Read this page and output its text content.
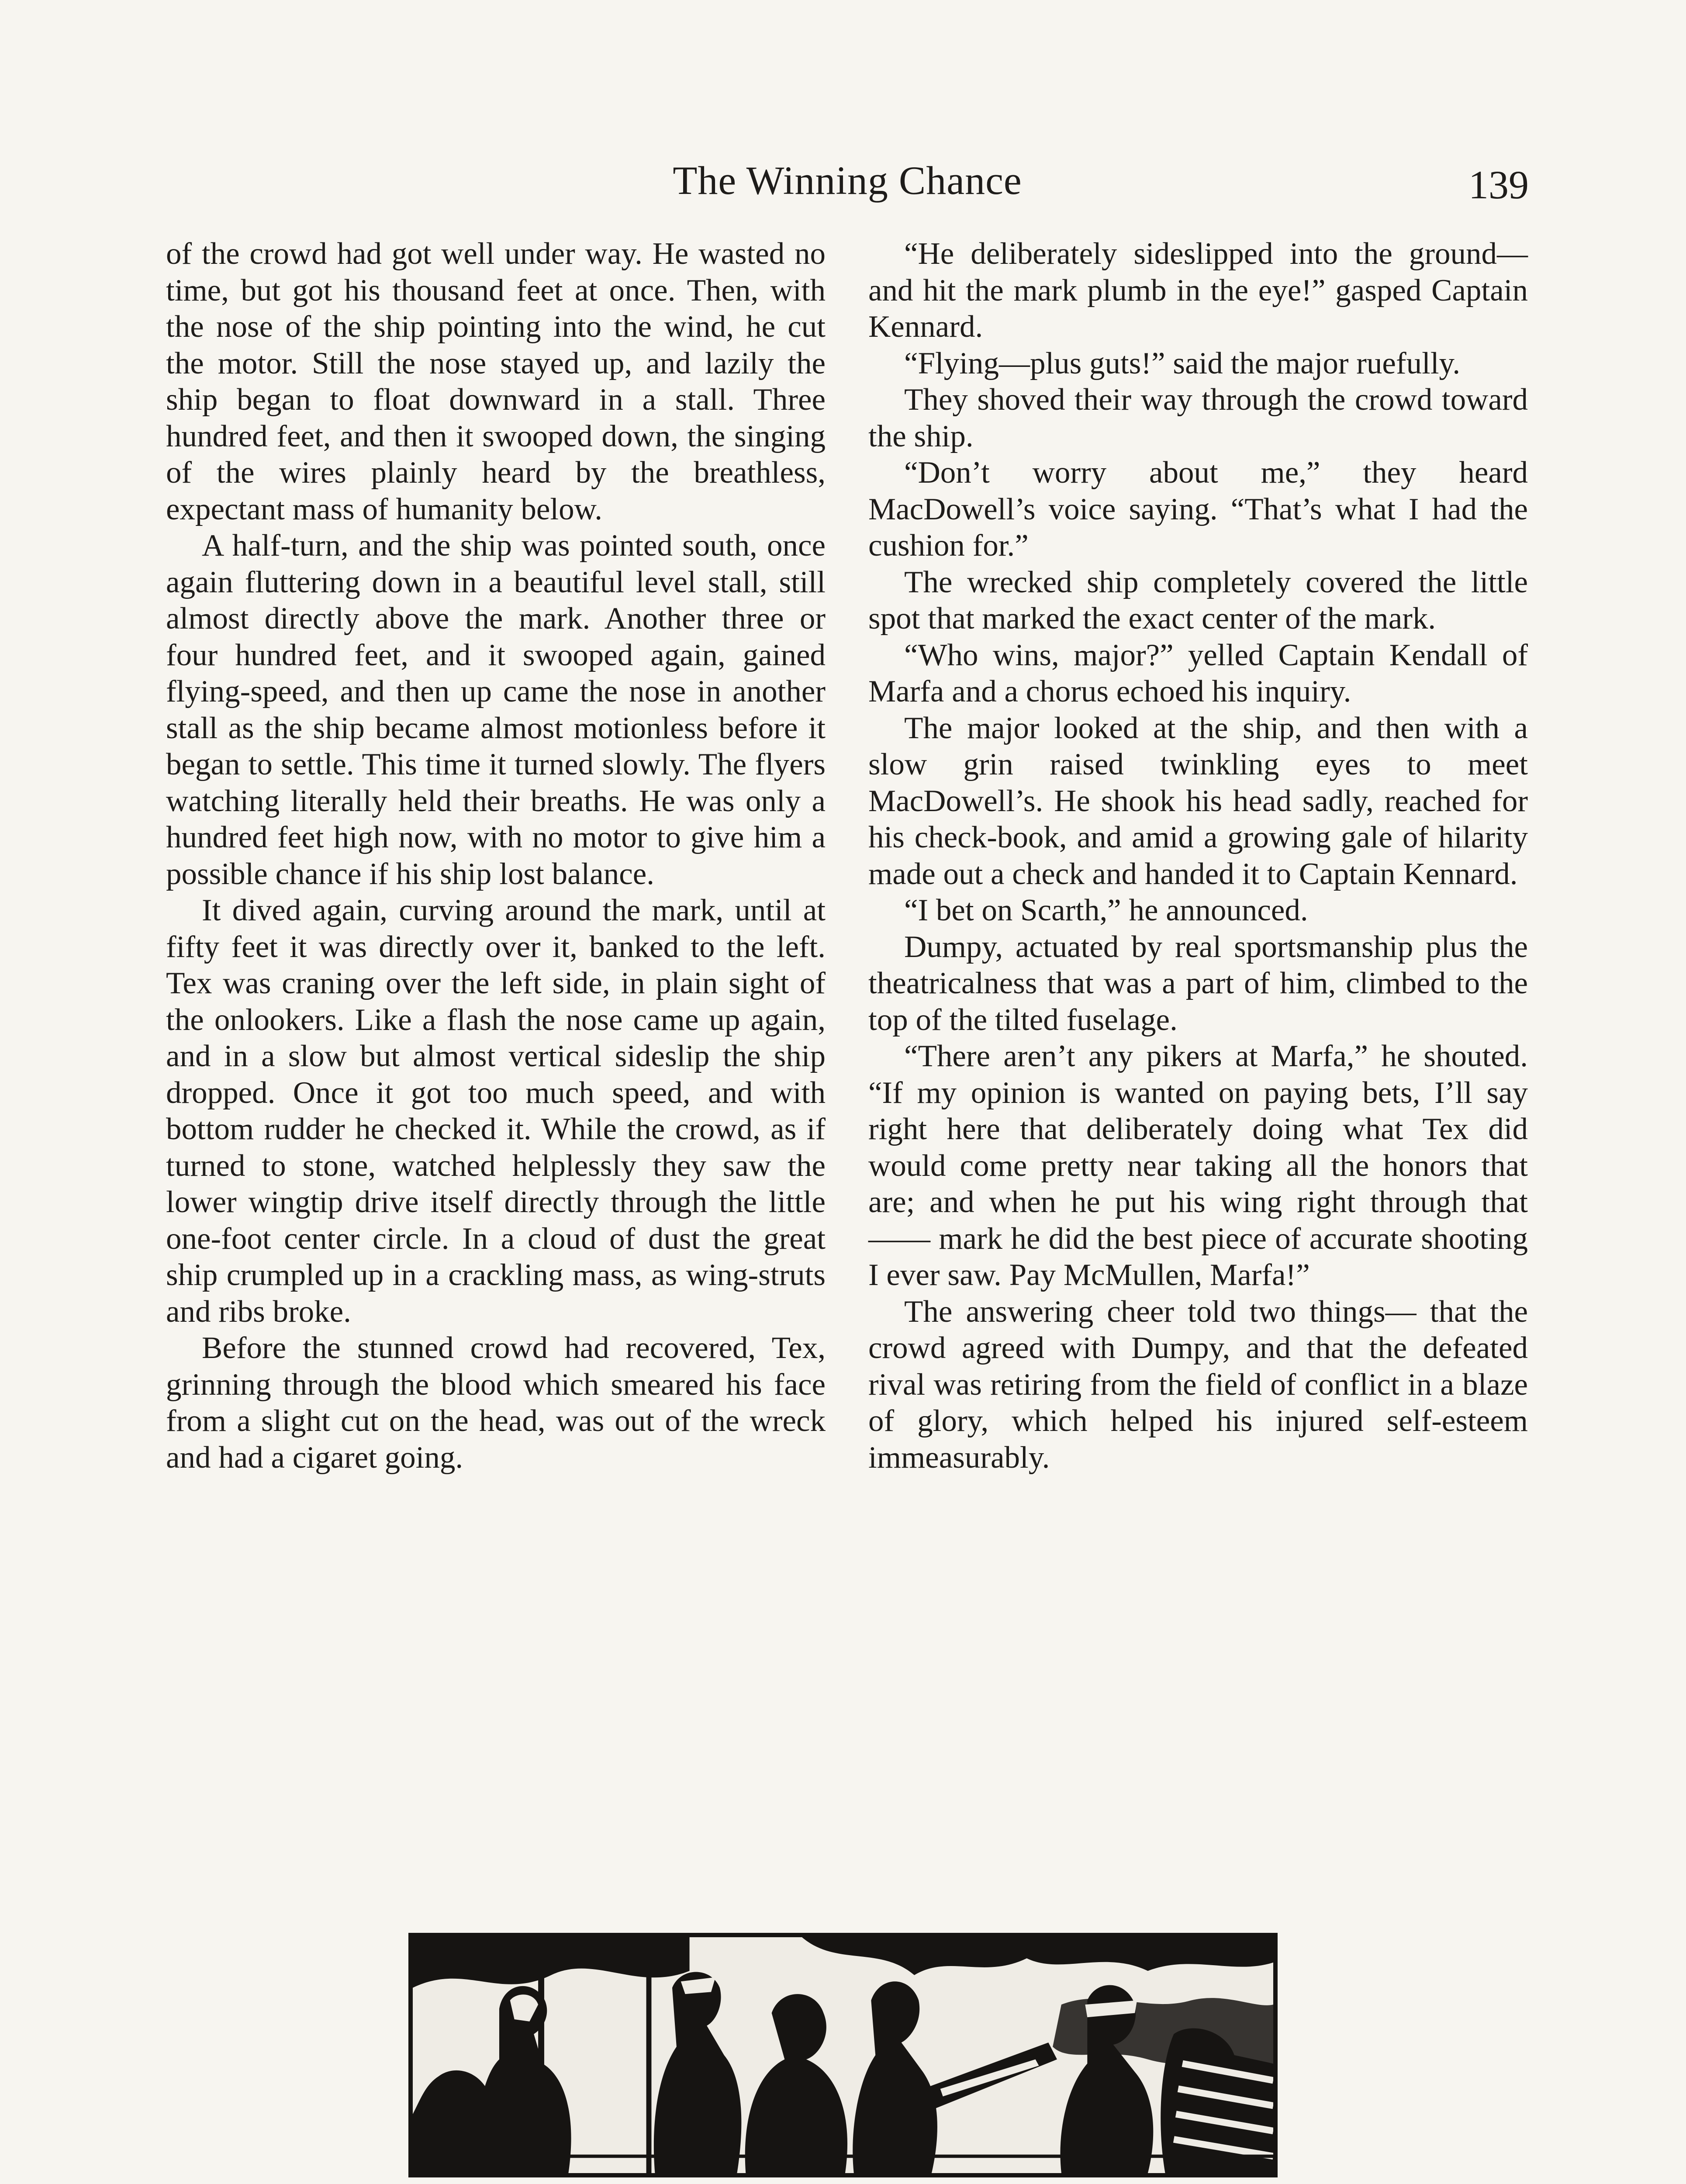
The Winning Chance	139

of the crowd had got well under way. He wasted no time, but got his thousand feet at once. Then, with the nose of the ship pointing into the wind, he cut the motor. Still the nose stayed up, and lazily the ship began to float downward in a stall. Three hundred feet, and then it swooped down, the singing of the wires plainly heard by the breathless, expectant mass of humanity below.

A half-turn, and the ship was pointed south, once again fluttering down in a beautiful level stall, still almost directly above the mark. Another three or four hundred feet, and it swooped again, gained flying-speed, and then up came the nose in another stall as the ship became almost motionless before it began to settle. This time it turned slowly. The flyers watching literally held their breaths. He was only a hundred feet high now, with no motor to give him a possible chance if his ship lost balance.

It dived again, curving around the mark, until at fifty feet it was directly over it, banked to the left. Tex was craning over the left side, in plain sight of the onlookers. Like a flash the nose came up again, and in a slow but almost vertical sideslip the ship dropped. Once it got too much speed, and with bottom rudder he checked it. While the crowd, as if turned to stone, watched helplessly they saw the lower wingtip drive itself directly through the little one-foot center circle. In a cloud of dust the great ship crumpled up in a crackling mass, as wing-struts and ribs broke.

Before the stunned crowd had recovered, Tex, grinning through the blood which smeared his face from a slight cut on the head, was out of the wreck and had a cigaret going.

“He deliberately sideslipped into the ground—and hit the mark plumb in the eye!” gasped Captain Kennard.

“Flying—plus guts!” said the major ruefully.

They shoved their way through the crowd toward the ship.

“Don’t worry about me,” they heard MacDowell’s voice saying. “That’s what I had the cushion for.”

The wrecked ship completely covered the little spot that marked the exact center of the mark.

“Who wins, major?” yelled Captain Kendall of Marfa and a chorus echoed his inquiry.

The major looked at the ship, and then with a slow grin raised twinkling eyes to meet MacDowell’s. He shook his head sadly, reached for his check-book, and amid a growing gale of hilarity made out a check and handed it to Captain Kennard.

“I bet on Scarth,” he announced.

Dumpy, actuated by real sportsmanship plus the theatricalness that was a part of him, climbed to the top of the tilted fuselage.

“There aren’t any pikers at Marfa,” he shouted. “If my opinion is wanted on paying bets, I’ll say right here that deliberately doing what Tex did would come pretty near taking all the honors that are; and when he put his wing right through that —— mark he did the best piece of accurate shooting I ever saw. Pay McMullen, Marfa!”

The answering cheer told two things— that the crowd agreed with Dumpy, and that the defeated rival was retiring from the field of conflict in a blaze of glory, which helped his injured self-esteem immeasurably.
